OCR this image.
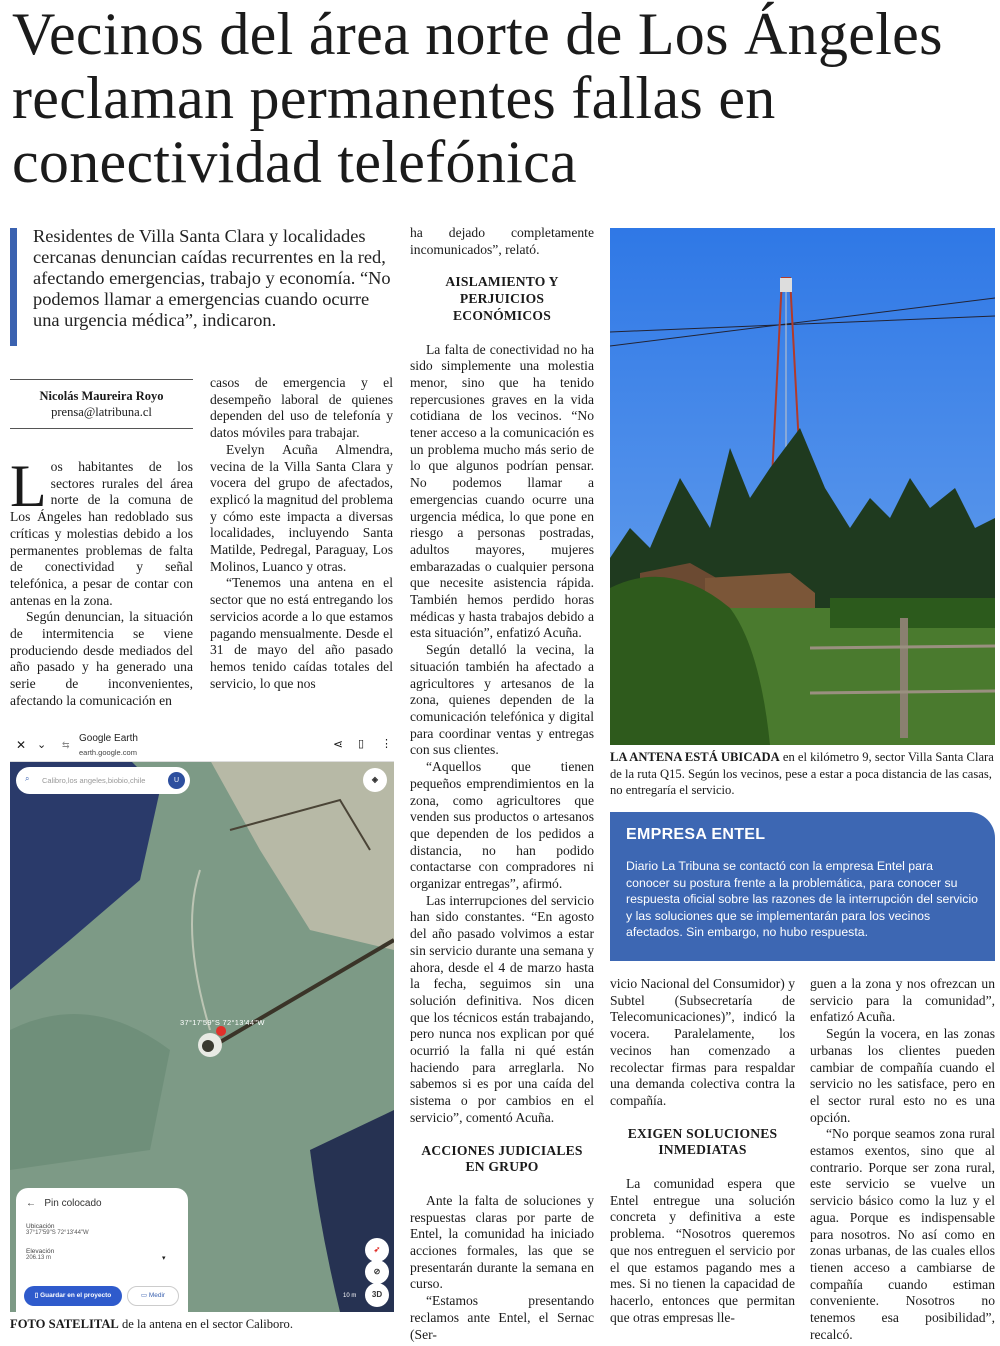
Vecinos del área norte de Los Ángeles reclaman permanentes fallas en conectividad telefónica

Residentes de Villa Santa Clara y localidades cercanas denuncian caídas recurrentes en la red, afectando emergencias, trabajo y economía. “No podemos llamar a emergencias cuando ocurre una urgencia médica”, indicaron.

Nicolás Maureira Royo
prensa@latribuna.cl

Los habitantes de los sectores rurales del área norte de la comuna de Los Ángeles han redoblado sus críticas y molestias debido a los permanentes problemas de falta de conectividad y señal telefónica, a pesar de contar con antenas en la zona.

Según denuncian, la situación de intermitencia se viene produciendo desde mediados del año pasado y ha generado una serie de inconvenientes, afectando la comunicación en

casos de emergencia y el desempeño laboral de quienes dependen del uso de telefonía y datos móviles para trabajar.

Evelyn Acuña Almendra, vecina de la Villa Santa Clara y vocera del grupo de afectados, explicó la magnitud del problema y cómo este impacta a diversas localidades, incluyendo Santa Matilde, Pedregal, Paraguay, Los Molinos, Luanco y otras.

“Tenemos una antena en el sector que no está entregando los servicios acorde a lo que estamos pagando mensualmente. Desde el 31 de mayo del año pasado hemos tenido caídas totales del servicio, lo que nos

ha dejado completamente incomunicados”, relató.

AISLAMIENTO Y PERJUICIOS ECONÓMICOS

La falta de conectividad no ha sido simplemente una molestia menor, sino que ha tenido repercusiones graves en la vida cotidiana de los vecinos. “No tener acceso a la comunicación es un problema mucho más serio de lo que algunos podrían pensar. No podemos llamar a emergencias cuando ocurre una urgencia médica, lo que pone en riesgo a personas postradas, adultos mayores, mujeres embarazadas o cualquier persona que necesite asistencia rápida. También hemos perdido horas médicas y hasta trabajos debido a esta situación”, enfatizó Acuña.

Según detalló la vecina, la situación también ha afectado a agricultores y artesanos de la zona, quienes dependen de la comunicación telefónica y digital para coordinar ventas y entregas con sus clientes.

“Aquellos que tienen pequeños emprendimientos en la zona, como agricultores que venden sus productos o artesanos que dependen de los pedidos a distancia, no han podido contactarse con compradores ni organizar entregas”, afirmó.

Las interrupciones del servicio han sido constantes. “En agosto del año pasado volvimos a estar sin servicio durante una semana y ahora, desde el 4 de marzo hasta la fecha, seguimos sin una solución definitiva. Nos dicen que los técnicos están trabajando, pero nunca nos explican por qué ocurrió la falla ni qué están haciendo para arreglarla. No sabemos si es por una caída del sistema o por cambios en el servicio”, comentó Acuña.

ACCIONES JUDICIALES EN GRUPO

Ante la falta de soluciones y respuestas claras por parte de Entel, la comunidad ha iniciado acciones formales, las que se presentarán durante la semana en curso.

“Estamos presentando reclamos ante Entel, el Sernac (Ser-

LA ANTENA ESTÁ UBICADA en el kilómetro 9, sector Villa Santa Clara de la ruta Q15. Según los vecinos, pese a estar a poca distancia de las casas, no entregaría el servicio.

EMPRESA ENTEL

Diario La Tribuna se contactó con la empresa Entel para conocer su postura frente a la problemática, para conocer su respuesta oficial sobre las razones de la interrupción del servicio y las soluciones que se implementarán para los vecinos afectados. Sin embargo, no hubo respuesta.

vicio Nacional del Consumidor) y Subtel (Subsecretaría de Telecomunicaciones)”, indicó la vocera. Paralelamente, los vecinos han comenzado a recolectar firmas para respaldar una demanda colectiva contra la compañía.

EXIGEN SOLUCIONES INMEDIATAS

La comunidad espera que Entel entregue una solución concreta y definitiva a este problema. “Nosotros queremos que nos entreguen el servicio por el que estamos pagando mes a mes. Si no tienen la capacidad de hacerlo, entonces que permitan que otras empresas lle-

guen a la zona y nos ofrezcan un servicio para la comunidad”, enfatizó Acuña.

Según la vocera, en las zonas urbanas los clientes pueden cambiar de compañía cuando el servicio no les satisface, pero en el sector rural esto no es una opción.

“No porque seamos zona rural estamos exentos, sino que al contrario. Porque ser zona rural, este servicio se vuelve un servicio básico como la luz y el agua. Porque es indispensable para nosotros. No así como en zonas urbanas, de las cuales ellos tienen acceso a cambiarse de compañía cuando estiman conveniente. Nosotros no tenemos esa posibilidad”, recalcó.

37°17'59"S 72°13'44"W
✕ ⌄ ⇆
Google Earth
earth.google.com
⋖ ▯ ⋮
⌕ Calibro,los angeles,biobio,chile	U	◈
← Pin colocado
Ubicación
37°17'59"S 72°13'44"W
Elevación
206.13 m	▾
▯ Guardar en el proyecto	▭ Medir
➶
⊘
3D
10 m

FOTO SATELITAL de la antena en el sector Caliboro.
